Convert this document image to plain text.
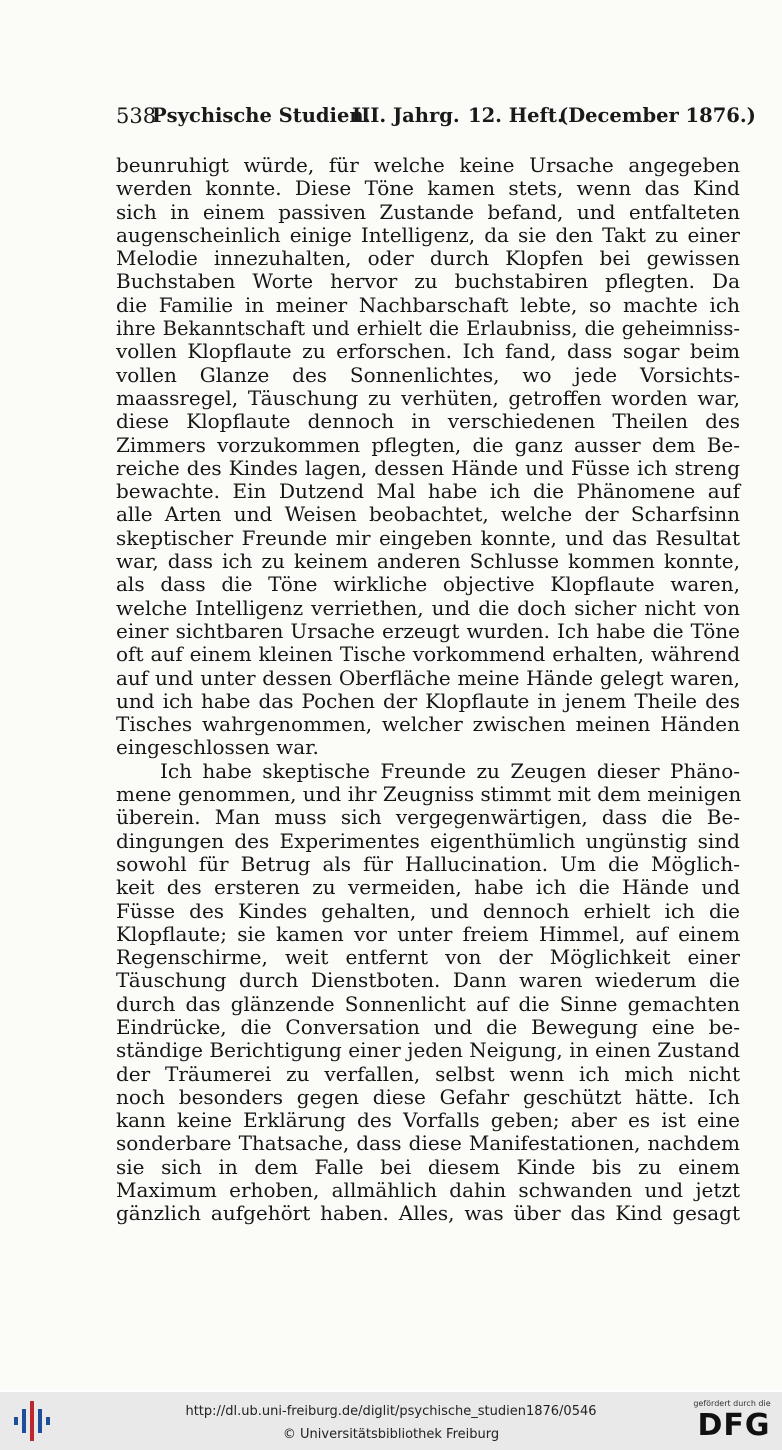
538
Psychische Studien.
III. Jahrg. 12. Heft.
(December 1876.)
beunruhigt würde, für welche keine Ursache angegeben
werden konnte. Diese Töne kamen stets, wenn das Kind
sich in einem passiven Zustande befand, und entfalteten
augenscheinlich einige Intelligenz, da sie den Takt zu einer
Melodie innezuhalten, oder durch Klopfen bei gewissen
Buchstaben Worte hervor zu buchstabiren pflegten. Da
die Familie in meiner Nachbarschaft lebte, so machte ich
ihre Bekanntschaft und erhielt die Erlaubniss, die geheimniss-
vollen Klopflaute zu erforschen. Ich fand, dass sogar beim
vollen Glanze des Sonnenlichtes, wo jede Vorsichts-
maassregel, Täuschung zu verhüten, getroffen worden war,
diese Klopflaute dennoch in verschiedenen Theilen des
Zimmers vorzukommen pflegten, die ganz ausser dem Be-
reiche des Kindes lagen, dessen Hände und Füsse ich streng
bewachte. Ein Dutzend Mal habe ich die Phänomene auf
alle Arten und Weisen beobachtet, welche der Scharfsinn
skeptischer Freunde mir eingeben konnte, und das Resultat
war, dass ich zu keinem anderen Schlusse kommen konnte,
als dass die Töne wirkliche objective Klopflaute waren,
welche Intelligenz verriethen, und die doch sicher nicht von
einer sichtbaren Ursache erzeugt wurden. Ich habe die Töne
oft auf einem kleinen Tische vorkommend erhalten, während
auf und unter dessen Oberfläche meine Hände gelegt waren,
und ich habe das Pochen der Klopflaute in jenem Theile des
Tisches wahrgenommen, welcher zwischen meinen Händen
eingeschlossen war.
Ich habe skeptische Freunde zu Zeugen dieser Phäno-
mene genommen, und ihr Zeugniss stimmt mit dem meinigen
überein. Man muss sich vergegenwärtigen, dass die Be-
dingungen des Experimentes eigenthümlich ungünstig sind
sowohl für Betrug als für Hallucination. Um die Möglich-
keit des ersteren zu vermeiden, habe ich die Hände und
Füsse des Kindes gehalten, und dennoch erhielt ich die
Klopflaute; sie kamen vor unter freiem Himmel, auf einem
Regenschirme, weit entfernt von der Möglichkeit einer
Täuschung durch Dienstboten. Dann waren wiederum die
durch das glänzende Sonnenlicht auf die Sinne gemachten
Eindrücke, die Conversation und die Bewegung eine be-
ständige Berichtigung einer jeden Neigung, in einen Zustand
der Träumerei zu verfallen, selbst wenn ich mich nicht
noch besonders gegen diese Gefahr geschützt hätte. Ich
kann keine Erklärung des Vorfalls geben; aber es ist eine
sonderbare Thatsache, dass diese Manifestationen, nachdem
sie sich in dem Falle bei diesem Kinde bis zu einem
Maximum erhoben, allmählich dahin schwanden und jetzt
gänzlich aufgehört haben. Alles, was über das Kind gesagt
http://dl.ub.uni-freiburg.de/diglit/psychische_studien1876/0546
© Universitätsbibliothek Freiburg
gefördert durch die
DFG
